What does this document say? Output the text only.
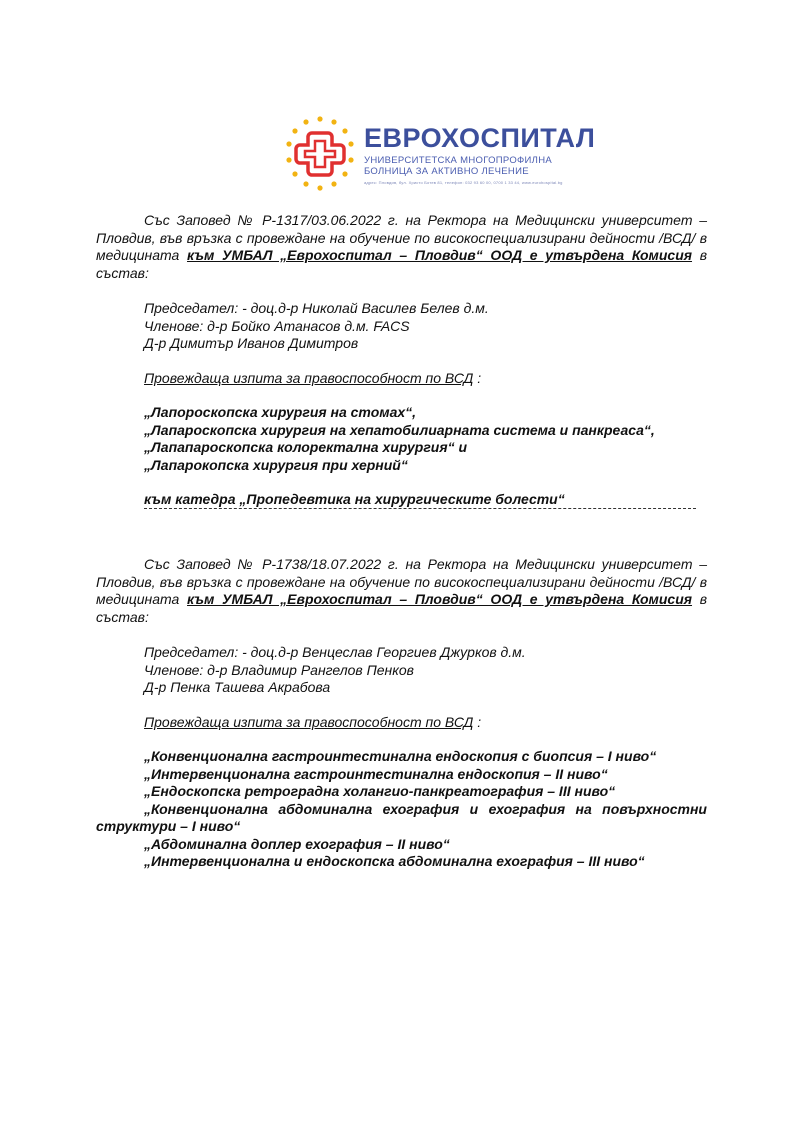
ЕВРОХОСПИТАЛ
УНИВЕРСИТЕТСКА МНОГОПРОФИЛНА
БОЛНИЦА ЗА АКТИВНО ЛЕЧЕНИЕ
адрес: Пловдив, бул. Христо Ботев 81, телефон: 032 93 60 00, 0700 1 33 44, www.eurohospital.bg

Със Заповед № Р-1317/03.06.2022 г. на Ректора на Медицински университет – Пловдив, във връзка с провеждане на обучение по високоспециализирани дейности /ВСД/ в медицината към УМБАЛ „Еврохоспитал – Пловдив“ ООД е утвърдена Комисия в състав:

Председател: - доц.д-р Николай Василев Белев д.м.
Членове: д-р Бойко Атанасов д.м. FACS
Д-р Димитър Иванов Димитров
Провеждаща изпита за правоспособност по ВСД :
„Лапороскопска хирургия на стомах“,
„Лапароскопска хирургия на хепатобилиарната система и панкреаса“,
„Лапапароскопска колоректална хирургия“ и
„Лапарокопска хирургия при херний“
към катедра „Пропедевтика на хирургическите болести“

Със Заповед № Р-1738/18.07.2022 г. на Ректора на Медицински университет – Пловдив, във връзка с провеждане на обучение по високоспециализирани дейности /ВСД/ в медицината към УМБАЛ „Еврохоспитал – Пловдив“ ООД е утвърдена Комисия в състав:

Председател: - доц.д-р Венцеслав Георгиев Джурков д.м.
Членове: д-р Владимир Рангелов Пенков
Д-р Пенка Ташева Акрабова
Провеждаща изпита за правоспособност по ВСД :
„Конвенционална гастроинтестинална ендоскопия с биопсия – I ниво“
„Интервенционална гастроинтестинална ендоскопия – II ниво“
„Ендоскопска ретроградна холангио-панкреатография – III ниво“

„Конвенционална абдоминална ехография и ехография на повърхностни структури – I ниво“

„Абдоминална доплер ехография – II ниво“
„Интервенционална и ендоскопска абдоминална ехография – III ниво“
